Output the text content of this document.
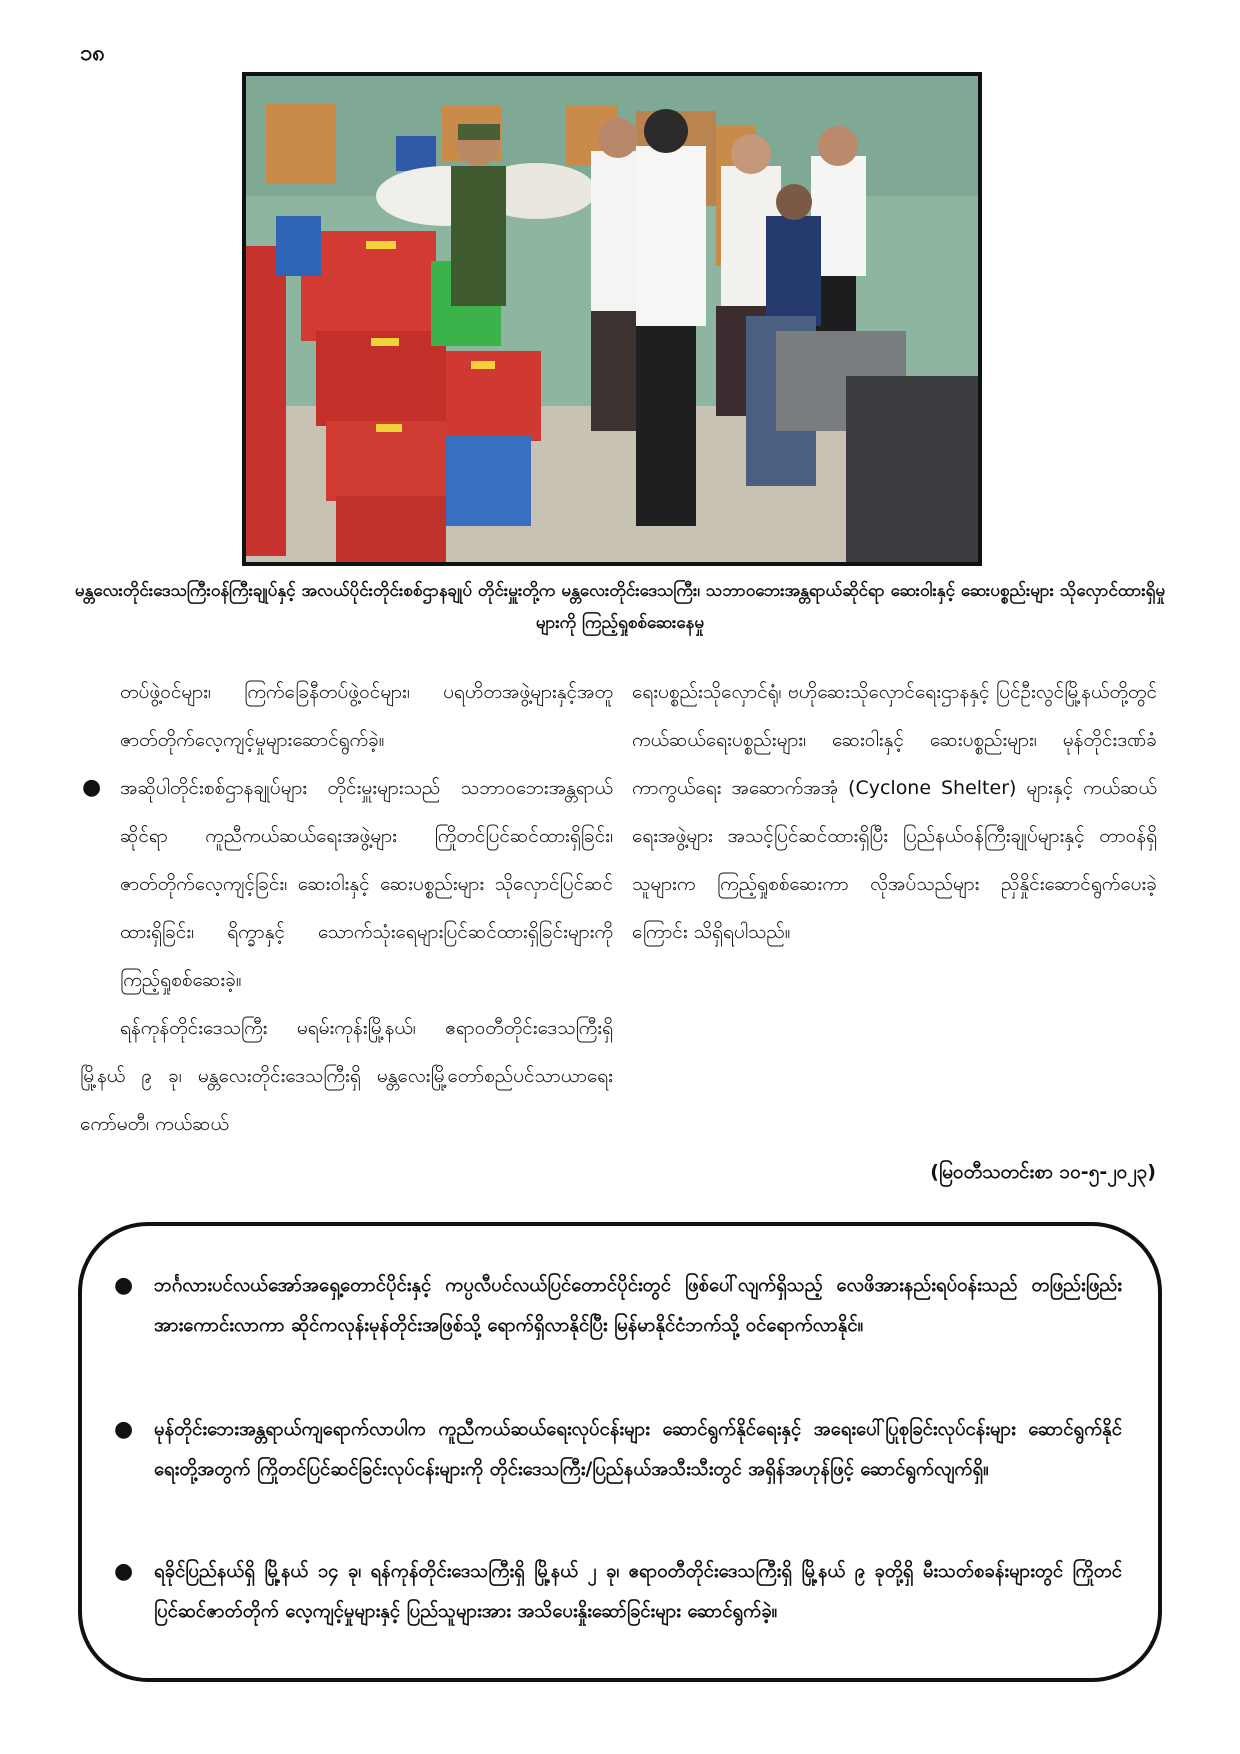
၁၈
မန္တလေးတိုင်းဒေသကြီးဝန်ကြီးချုပ်နှင့် အလယ်ပိုင်းတိုင်းစစ်ဌာနချုပ် တိုင်းမှူးတို့က မန္တလေးတိုင်းဒေသကြီး၊ သဘာဝဘေးအန္တရာယ်ဆိုင်ရာ ဆေးဝါးနှင့် ဆေးပစ္စည်းများ သိုလှောင်ထားရှိမှုများကို ကြည့်ရှုစစ်ဆေးနေမှု

တပ်ဖွဲ့ဝင်များ၊ ကြက်ခြေနီတပ်ဖွဲ့ဝင်များ၊ ပရဟိတအဖွဲ့များနှင့်အတူ ဇာတ်တိုက်လေ့ကျင့်မှုများဆောင်ရွက်ခဲ့။

● အဆိုပါတိုင်းစစ်ဌာနချုပ်များ တိုင်းမှူးများသည် သဘာဝဘေးအန္တရာယ်ဆိုင်ရာ ကူညီကယ်ဆယ်ရေးအဖွဲ့များ ကြိုတင်ပြင်ဆင်ထားရှိခြင်း၊ ဇာတ်တိုက်လေ့ကျင့်ခြင်း၊ ဆေးဝါးနှင့် ဆေးပစ္စည်းများ သိုလှောင်ပြင်ဆင်ထားရှိခြင်း၊ ရိက္ခာနှင့် သောက်သုံးရေများပြင်ဆင်ထားရှိခြင်းများကို ကြည့်ရှုစစ်ဆေးခဲ့။

ရန်ကုန်တိုင်းဒေသကြီး မရမ်းကုန်းမြို့နယ်၊ ဧရာဝတီတိုင်းဒေသကြီးရှိ မြို့နယ် ၉ ခု၊ မန္တလေးတိုင်းဒေသကြီးရှိ မန္တလေးမြို့တော်စည်ပင်သာယာရေးကော်မတီ၊ ကယ်ဆယ်

ရေးပစ္စည်းသိုလှောင်ရုံ၊ ဗဟိုဆေးသိုလှောင်ရေးဌာနနှင့် ပြင်ဦးလွင်မြို့နယ်တို့တွင် ကယ်ဆယ်ရေးပစ္စည်းများ၊ ဆေးဝါးနှင့် ဆေးပစ္စည်းများ၊ မုန်တိုင်းဒဏ်ခံကာကွယ်ရေး အဆောက်အအုံ (Cyclone Shelter) များနှင့် ကယ်ဆယ်ရေးအဖွဲ့များ အသင့်ပြင်ဆင်ထားရှိပြီး ပြည်နယ်ဝန်ကြီးချုပ်များနှင့် တာဝန်ရှိသူများက ကြည့်ရှုစစ်ဆေးကာ လိုအပ်သည်များ ညှိနှိုင်းဆောင်ရွက်ပေးခဲ့ကြောင်း သိရှိရပါသည်။

(မြဝတီသတင်းစာ ၁၀-၅-၂၀၂၃)
● ဘင်္ဂလားပင်လယ်အော်အရှေ့တောင်ပိုင်းနှင့် ကပ္ပလီပင်လယ်ပြင်တောင်ပိုင်းတွင် ဖြစ်ပေါ်လျက်ရှိသည့် လေဖိအားနည်းရပ်ဝန်းသည် တဖြည်းဖြည်းအားကောင်းလာကာ ဆိုင်ကလုန်းမုန်တိုင်းအဖြစ်သို့ ရောက်ရှိလာနိုင်ပြီး မြန်မာနိုင်ငံဘက်သို့ ဝင်ရောက်လာနိုင်။
● မုန်တိုင်းဘေးအန္တရာယ်ကျရောက်လာပါက ကူညီကယ်ဆယ်ရေးလုပ်ငန်းများ ဆောင်ရွက်နိုင်ရေးနှင့် အရေးပေါ်ပြုစုခြင်းလုပ်ငန်းများ ဆောင်ရွက်နိုင်ရေးတို့အတွက် ကြိုတင်ပြင်ဆင်ခြင်းလုပ်ငန်းများကို တိုင်းဒေသကြီး/ပြည်နယ်အသီးသီးတွင် အရှိန်အဟုန်ဖြင့် ဆောင်ရွက်လျက်ရှိ။
● ရခိုင်ပြည်နယ်ရှိ မြို့နယ် ၁၄ ခု၊ ရန်ကုန်တိုင်းဒေသကြီးရှိ မြို့နယ် ၂ ခု၊ ဧရာဝတီတိုင်းဒေသကြီးရှိ မြို့နယ် ၉ ခုတို့ရှိ မီးသတ်စခန်းများတွင် ကြိုတင်ပြင်ဆင်ဇာတ်တိုက် လေ့ကျင့်မှုများနှင့် ပြည်သူများအား အသိပေးနှိုးဆော်ခြင်းများ ဆောင်ရွက်ခဲ့။
